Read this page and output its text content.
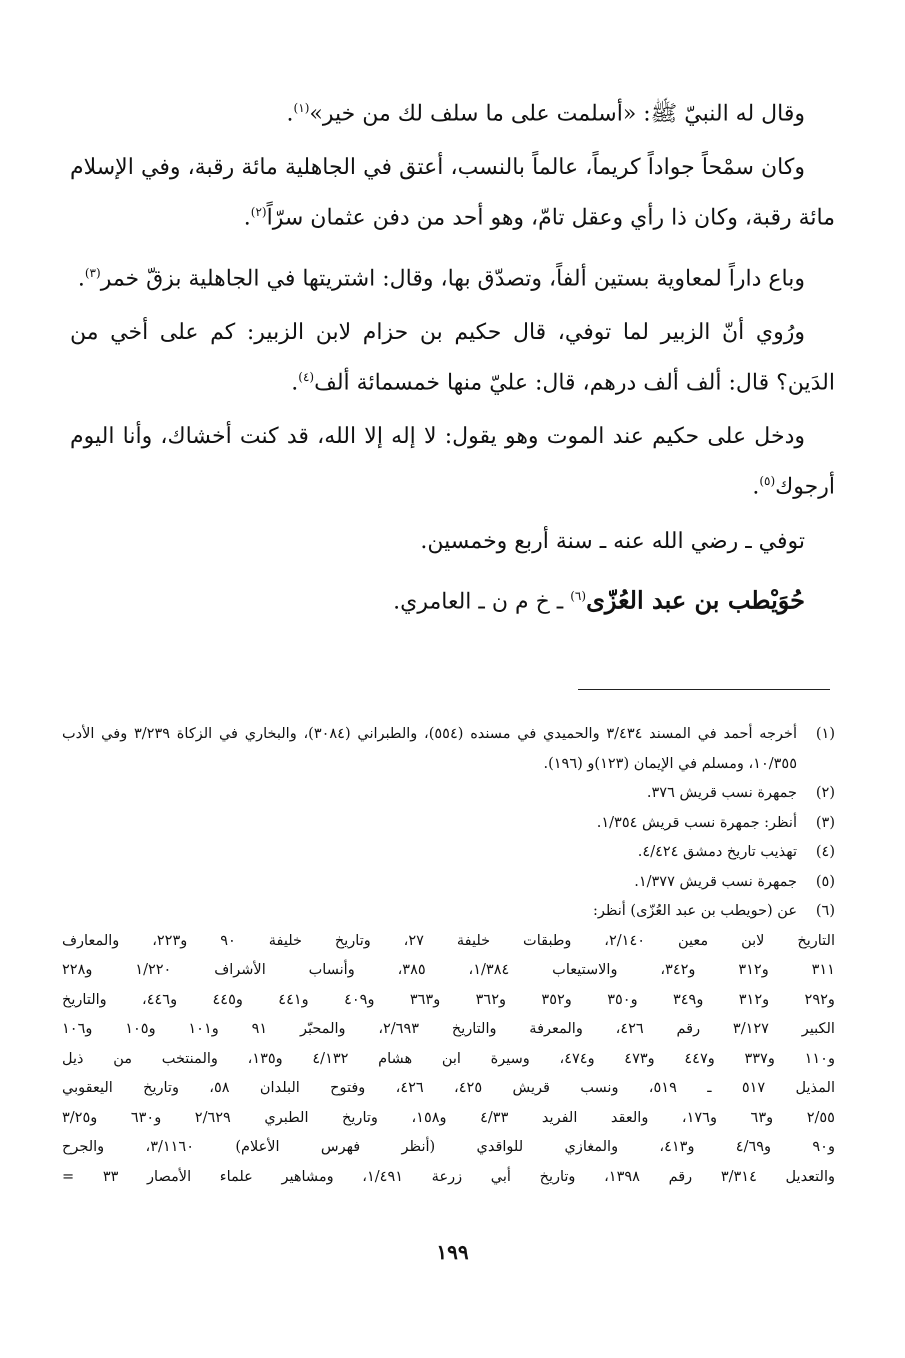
وقال له النبيّ ﷺ: «أسلمت على ما سلف لك من خير»$^{(١)}$.

وكان سمْحاً جواداً كريماً، عالماً بالنسب، أعتق في الجاهلية مائة رقبة، وفي الإسلام مائة رقبة، وكان ذا رأي وعقل تامّ، وهو أحد من دفن عثمان سرّاً$^{(٢)}$.

وباع داراً لمعاوية بستين ألفاً، وتصدّق بها، وقال: اشتريتها في الجاهلية بزقّ خمر$^{(٣)}$.

ورُوي أنّ الزبير لما توفي، قال حكيم بن حزام لابن الزبير: كم على أخي من الدَين؟ قال: ألف ألف درهم، قال: عليّ منها خمسمائة ألف$^{(٤)}$.

ودخل على حكيم عند الموت وهو يقول: لا إله إلا الله، قد كنت أخشاك، وأنا اليوم أرجوك$^{(٥)}$.

توفي ـ رضي الله عنه ـ سنة أربع وخمسين.

حُوَيْطب بن عبد العُزّى$^{(٦)}$ ـ خ م ن ـ العامري.

(١)
أخرجه أحمد في المسند ٣/٤٣٤ والحميدي في مسنده (٥٥٤)، والطبراني (٣٠٨٤)، والبخاري في الزكاة ٣/٢٣٩ وفي الأدب ١٠/٣٥٥، ومسلم في الإيمان (١٢٣)و (١٩٦).
(٢)
جمهرة نسب قريش ٣٧٦.
(٣)
أنظر: جمهرة نسب قريش ١/٣٥٤.
(٤)
تهذيب تاريخ دمشق ٤/٤٢٤.
(٥)
جمهرة نسب قريش ١/٣٧٧.
(٦)
عن (حويطب بن عبد العُزّى) أنظر:
التاريخ لابن معين ٢/١٤٠، وطبقات خليفة ٢٧، وتاريخ خليفة ٩٠ و٢٢٣، والمعارف
٣١١ و٣١٢ و٣٤٢، والاستيعاب ١/٣٨٤، ٣٨٥، وأنساب الأشراف ١/٢٢٠ و٢٢٨
و٢٩٢ و٣١٢ و٣٤٩ و٣٥٠ و٣٥٢ و٣٦٢ و٣٦٣ و٤٠٩ و٤٤١ و٤٤٥ و٤٤٦، والتاريخ
الكبير ٣/١٢٧ رقم ٤٢٦، والمعرفة والتاريخ ٢/٦٩٣، والمحبّر ٩١ و١٠١ و١٠٥ و١٠٦
و١١٠ و٣٣٧ و٤٤٧ و٤٧٣ و٤٧٤، وسيرة ابن هشام ٤/١٣٢ و١٣٥، والمنتخب من ذيل
المذيل ٥١٧ ـ ٥١٩، ونسب قريش ٤٢٥، ٤٢٦، وفتوح البلدان ٥٨، وتاريخ اليعقوبي
٢/٥٥ و٦٣ و١٧٦، والعقد الفريد ٤/٣٣ و١٥٨، وتاريخ الطبري ٢/٦٢٩ و٦٣٠ و٣/٢٥
و٩٠ و٤/٦٩ و٤١٣، والمغازي للواقدي (أنظر فهرس الأعلام) ٣/١١٦٠، والجرح
والتعديل ٣/٣١٤ رقم ١٣٩٨، وتاريخ أبي زرعة ١/٤٩١، ومشاهير علماء الأمصار ٣٣ =
١٩٩
